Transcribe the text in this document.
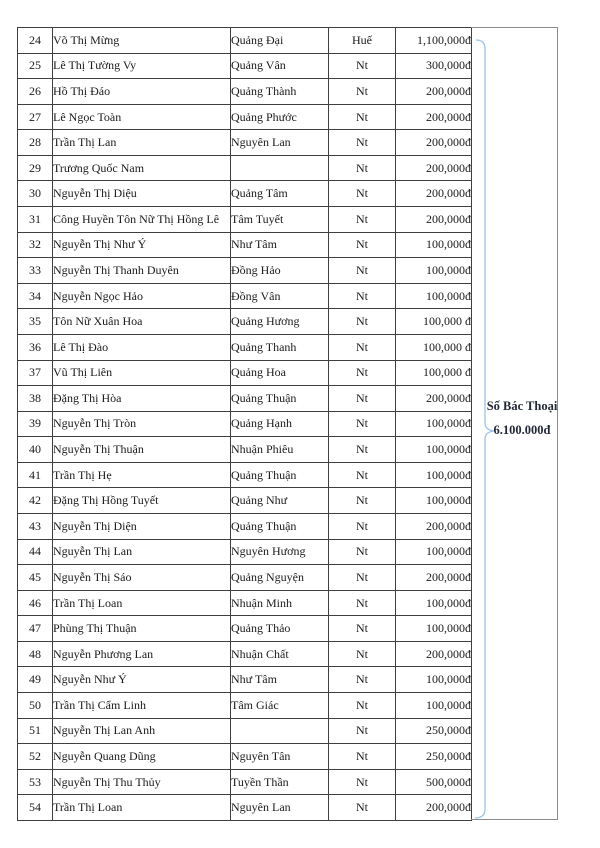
24	Võ Thị Mừng	Quảng Đại	Huế	1,100,000đ
25	Lê Thị Tường Vy	Quảng Vân	Nt	300,000đ
26	Hồ Thị Đáo	Quảng Thành	Nt	200,000đ
27	Lê Ngọc Toàn	Quảng Phước	Nt	200,000đ
28	Trần Thị Lan	Nguyên Lan	Nt	200,000đ
29	Trương Quốc Nam		Nt	200,000đ
30	Nguyễn Thị Diệu	Quảng Tâm	Nt	200,000đ
31	Công Huyền Tôn Nữ Thị Hồng Lê	Tâm Tuyết	Nt	200,000đ
32	Nguyễn Thị Như Ý	Như Tâm	Nt	100,000đ
33	Nguyễn Thị Thanh Duyên	Đồng Hảo	Nt	100,000đ
34	Nguyễn Ngọc Hảo	Đồng Vân	Nt	100,000đ
35	Tôn Nữ Xuân Hoa	Quảng Hương	Nt	100,000 đ
36	Lê Thị Đào	Quảng Thanh	Nt	100,000 đ
37	Vũ Thị Liên	Quảng Hoa	Nt	100,000 đ
38	Đặng Thị Hòa	Quảng Thuận	Nt	200,000đ
39	Nguyễn Thị Tròn	Quảng Hạnh	Nt	100,000đ
40	Nguyễn Thị Thuận	Nhuận Phiêu	Nt	100,000đ
41	Trần Thị Hẹ	Quảng Thuận	Nt	100,000đ
42	Đặng Thị Hồng Tuyết	Quảng Như	Nt	100,000đ
43	Nguyễn Thị Diện	Quảng Thuận	Nt	200,000đ
44	Nguyễn Thị Lan	Nguyên Hương	Nt	100,000đ
45	Nguyễn Thị Sáo	Quảng Nguyện	Nt	200,000đ
46	Trần Thị Loan	Nhuận Minh	Nt	100,000đ
47	Phùng Thị Thuận	Quảng Thảo	Nt	100,000đ
48	Nguyễn Phương Lan	Nhuận Chất	Nt	200,000đ
49	Nguyễn Như Ý	Như Tâm	Nt	100,000đ
50	Trần Thị Cẩm Linh	Tâm Giác	Nt	100,000đ
51	Nguyễn Thị Lan Anh		Nt	250,000đ
52	Nguyễn Quang Dũng	Nguyên Tân	Nt	250,000đ
53	Nguyễn Thị Thu Thủy	Tuyền Thần	Nt	500,000đ
54	Trần Thị Loan	Nguyên Lan	Nt	200,000đ
Số Bác Thoại
6.100.000đ
